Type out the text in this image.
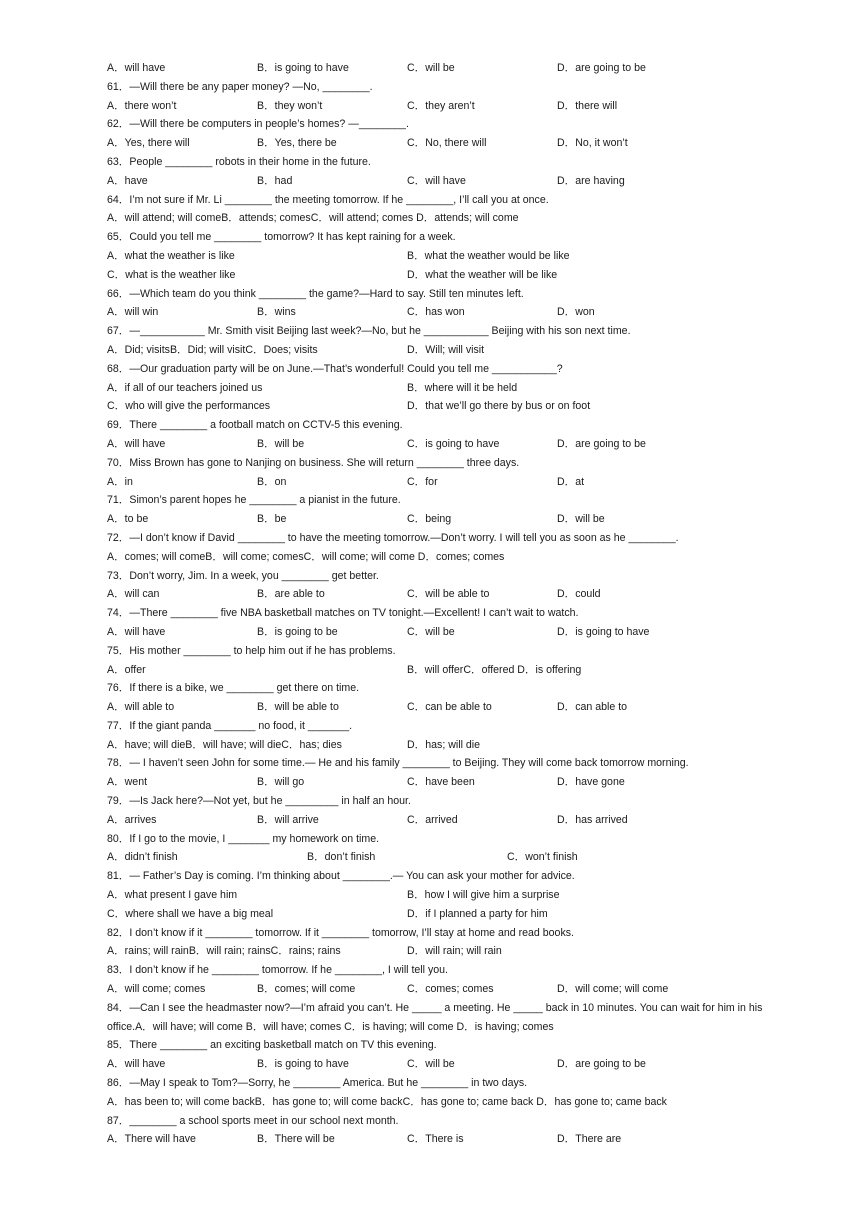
A．will have	B．is going to have	C．will be	D．are going to be
61．—Will there be any paper money? —No, ________.
A．there won’t	B．they won’t	C．they aren’t	D．there will
62．—Will there be computers in people’s homes? —________.
A．Yes, there will	B．Yes, there be	C．No, there will	D．No, it won’t
63．People ________ robots in their home in the future.
A．have	B．had	C．will have	D．are having
64．I’m not sure if Mr. Li ________ the meeting tomorrow. If he ________, I’ll call you at once.
A．will attend; will comeB．attends; comesC．will attend; comes D．attends; will come
65．Could you tell me ________ tomorrow? It has kept raining for a week.
A．what the weather is like	B．what the weather would be like
C．what is the weather like	D．what the weather will be like
66．—Which team do you think ________ the game?—Hard to say. Still ten minutes left.
A．will win	B．wins	C．has won	D．won
67．—___________ Mr. Smith visit Beijing last week?—No, but he ___________ Beijing with his son next time.
A．Did; visitsB．Did; will visitC．Does; visits	D．Will; will visit
68．—Our graduation party will be on June.—That’s wonderful! Could you tell me ___________?
A．if all of our teachers joined us	B．where will it be held
C．who will give the performances	D．that we’ll go there by bus or on foot
69．There ________ a football match on CCTV-5 this evening.
A．will have	B．will be	C．is going to have	D．are going to be
70．Miss Brown has gone to Nanjing on business. She will return ________ three days.
A．in	B．on	C．for	D．at
71．Simon’s parent hopes he ________ a pianist in the future.
A．to be	B．be	C．being	D．will be
72．—I don’t know if David ________ to have the meeting tomorrow.—Don’t worry. I will tell you as soon as he ________.
A．comes; will comeB．will come; comesC．will come; will come D．comes; comes
73．Don’t worry, Jim. In a week, you ________ get better.
A．will can	B．are able to	C．will be able to	D．could
74．—There ________ five NBA basketball matches on TV tonight.—Excellent! I can’t wait to watch.
A．will have	B．is going to be	C．will be	D．is going to have
75．His mother ________ to help him out if he has problems.
A．offer	B．will offerC．offered D．is offering
76．If there is a bike, we ________ get there on time.
A．will able to	B．will be able to	C．can be able to	D．can able to
77．If the giant panda _______ no food, it _______.
A．have; will dieB．will have; will dieC．has; dies	D．has; will die
78．— I haven’t seen John for some time.— He and his family ________ to Beijing. They will come back tomorrow morning.
A．went	B．will go	C．have been	D．have gone
79．—Is Jack here?—Not yet, but he _________ in half an hour.
A．arrives	B．will arrive	C．arrived	D．has arrived
80．If I go to the movie, I _______ my homework on time.
A．didn’t finish	B．don’t finish	C．won’t finish
81．— Father’s Day is coming. I’m thinking about ________.— You can ask your mother for advice.
A．what present I gave him	B．how I will give him a surprise
C．where shall we have a big meal	D．if I planned a party for him
82．I don’t know if it ________ tomorrow. If it ________ tomorrow, I’ll stay at home and read books.
A．rains; will rainB．will rain; rainsC．rains; rains	D．will rain; will rain
83．I don’t know if he ________ tomorrow. If he ________, I will tell you.
A．will come; comes	B．comes; will come	C．comes; comes	D．will come; will come
84．—Can I see the headmaster now?—I’m afraid you can’t. He _____ a meeting. He _____ back in 10 minutes. You can wait for him in his office.A．will have; will come B．will have; comes C．is having; will come D．is having; comes
85．There ________ an exciting basketball match on TV this evening.
A．will have	B．is going to have	C．will be	D．are going to be
86．—May I speak to Tom?—Sorry, he ________ America. But he ________ in two days.
A．has been to; will come backB．has gone to; will come backC．has gone to; came back D．has gone to; came back
87．________ a school sports meet in our school next month.
A．There will have	B．There will be	C．There is	D．There are
